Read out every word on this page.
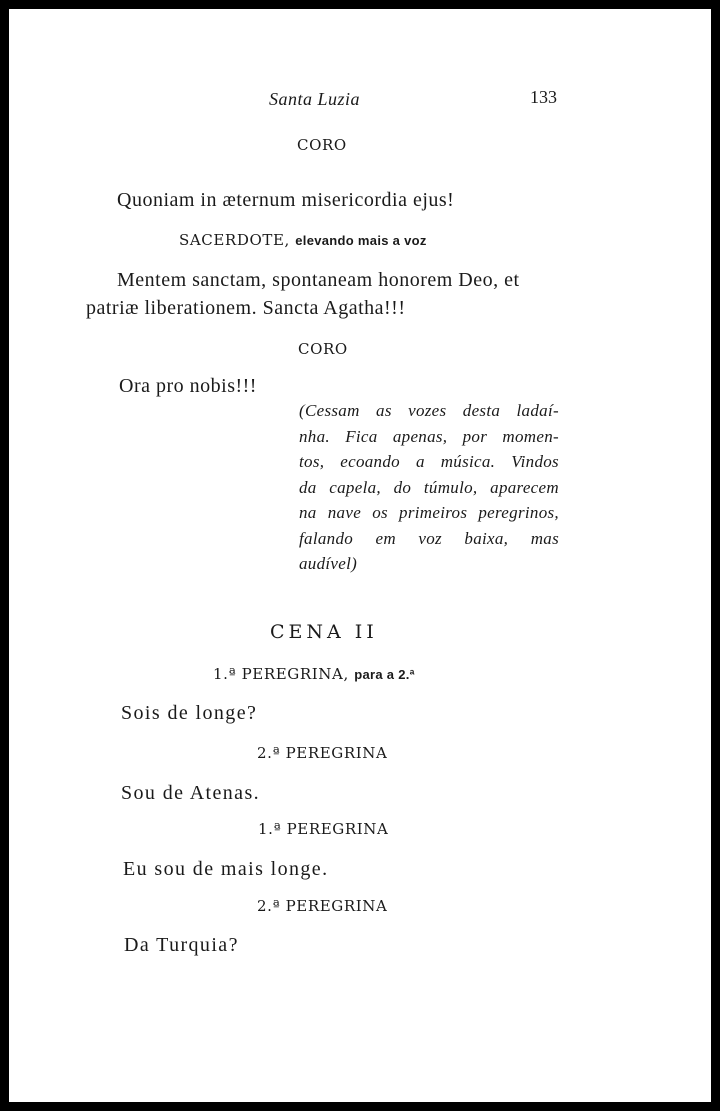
Santa Luzia	133
CORO
Quoniam in æternum misericordia ejus!
SACERDOTE, elevando mais a voz
Mentem sanctam, spontaneam honorem Deo, et
patriæ liberationem. Sancta Agatha!!!
CORO
Ora pro nobis!!!
(Cessam as vozes desta ladaí-
nha. Fica apenas, por momen-
tos, ecoando a música. Vindos
da capela, do túmulo, aparecem
na nave os primeiros peregrinos,
falando em voz baixa, mas
audível)
CENA II
1.ª PEREGRINA, para a 2.ª
Sois de longe?
2.ª PEREGRINA
Sou de Atenas.
1.ª PEREGRINA
Eu sou de mais longe.
2.ª PEREGRINA
Da Turquia?
